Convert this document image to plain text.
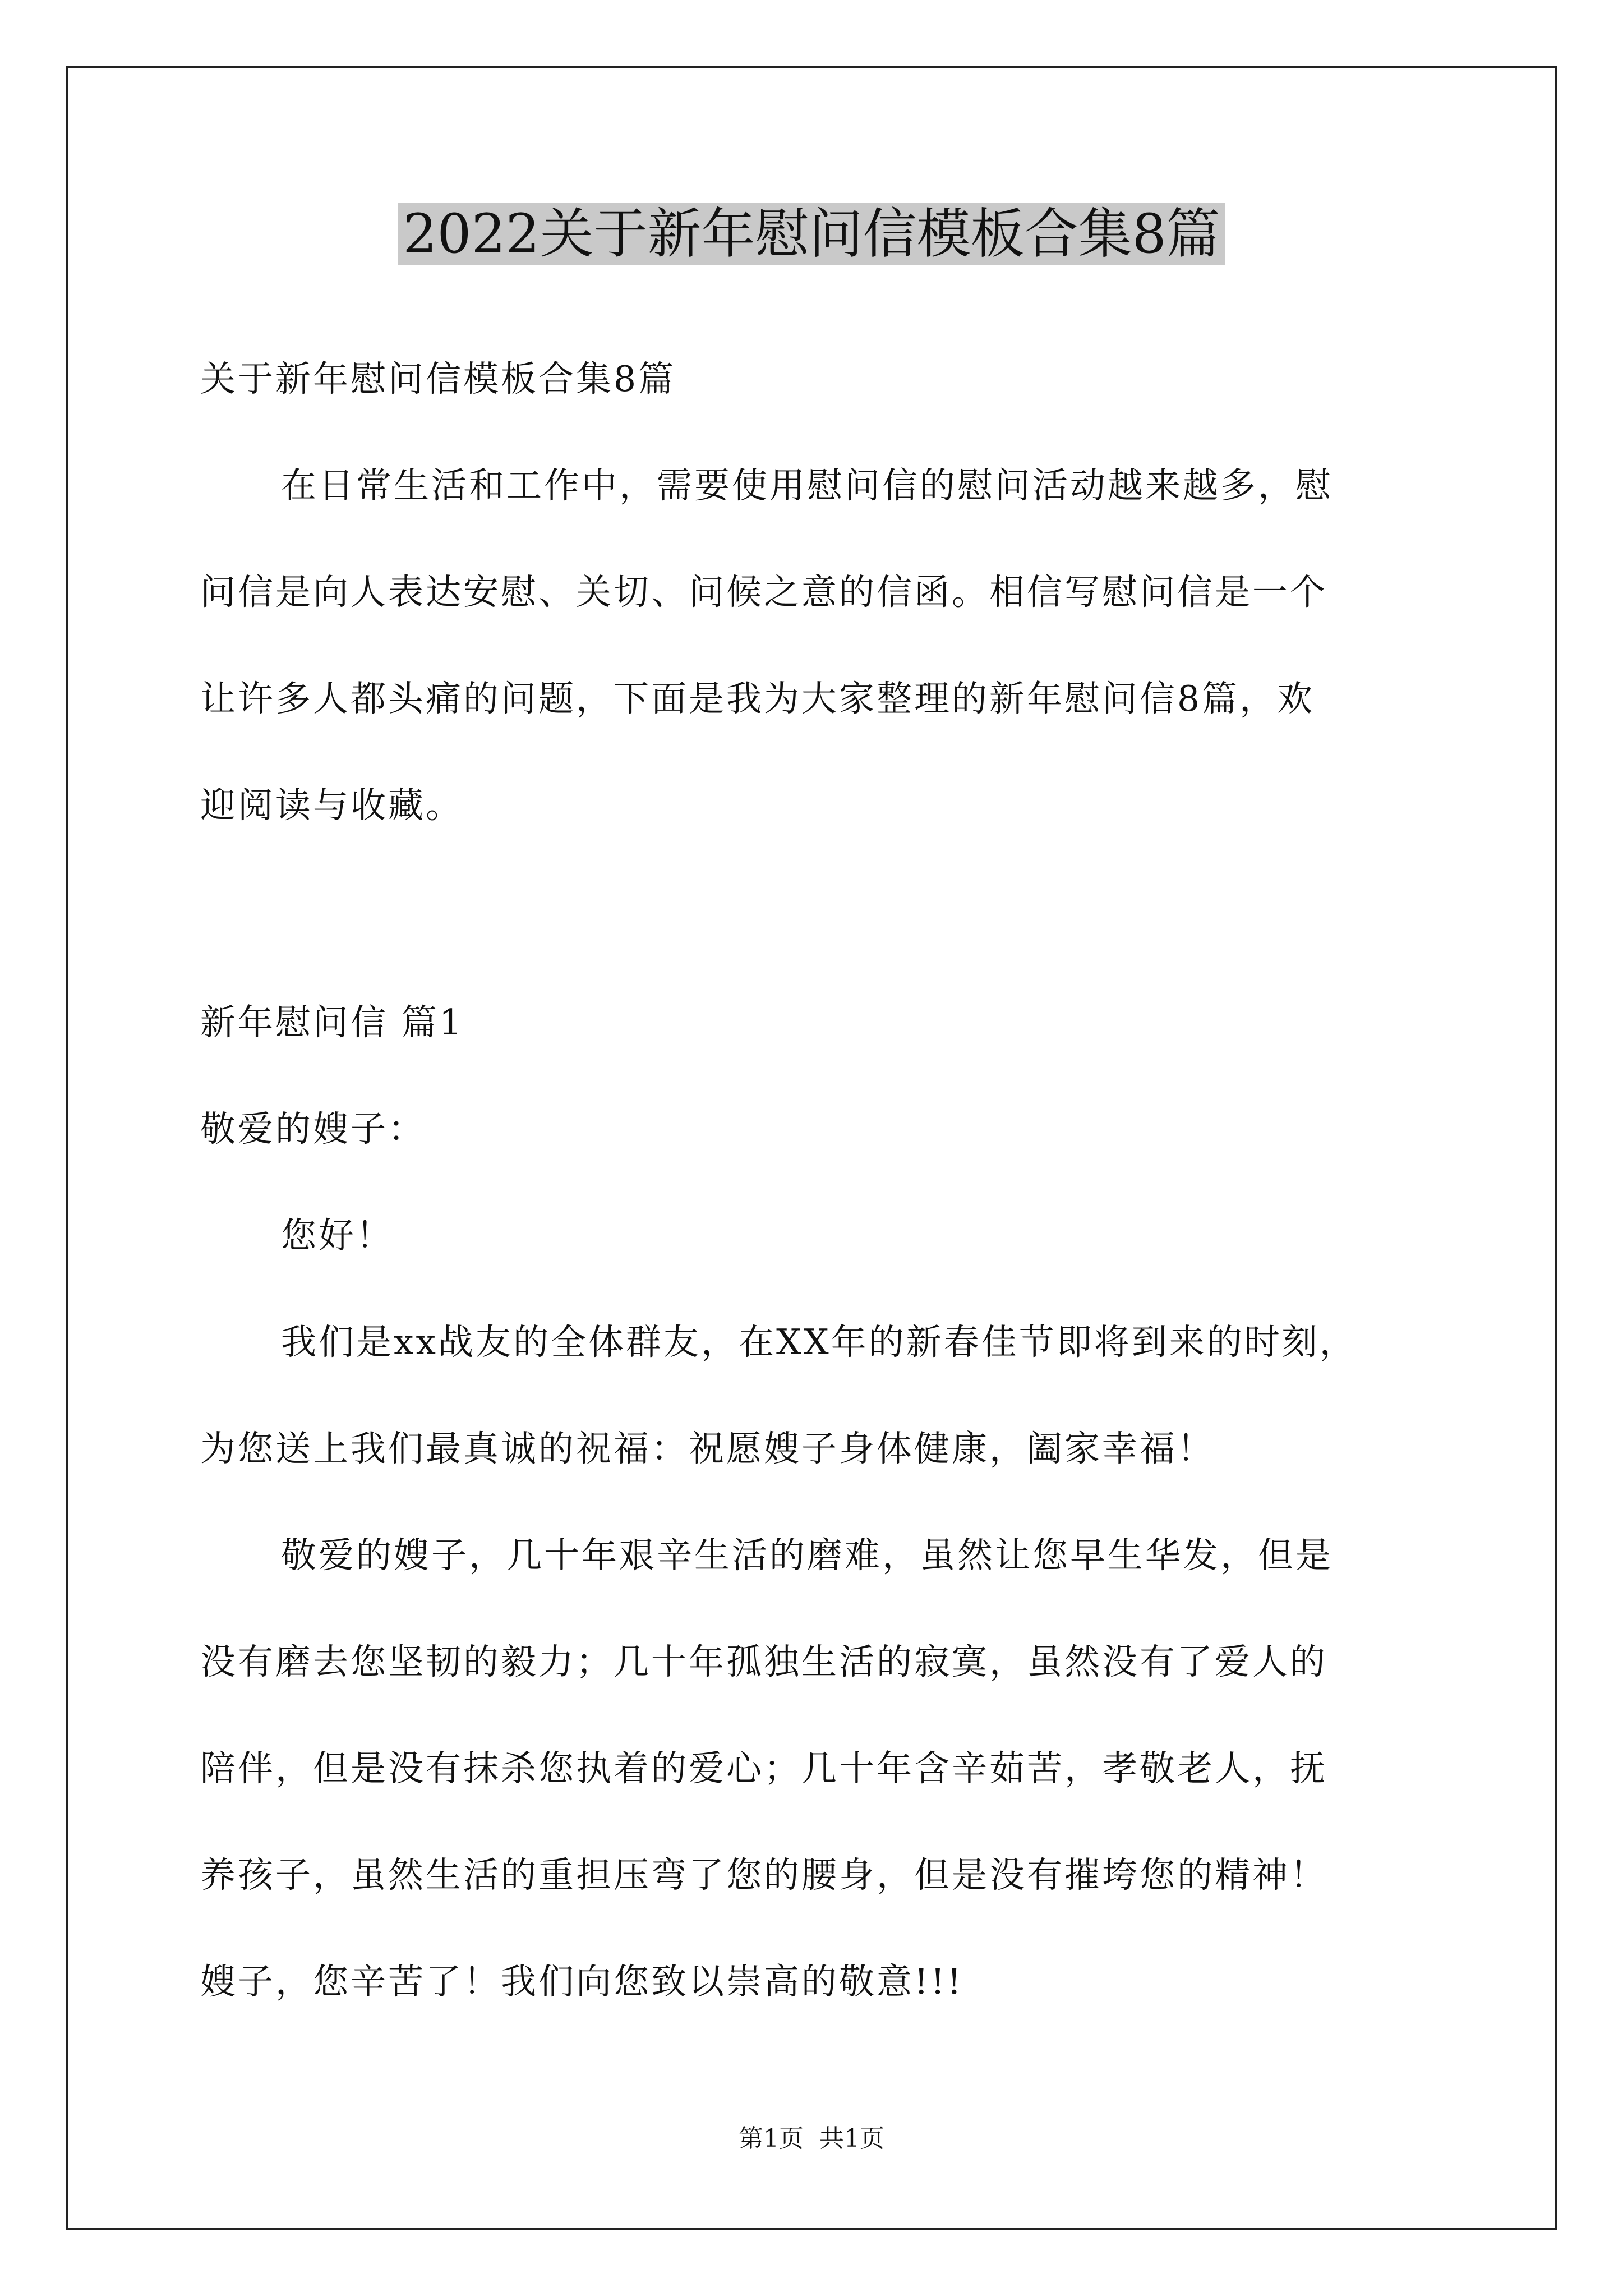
2022关于新年慰问信模板合集8篇
关于新年慰问信模板合集8篇
在日常生活和工作中，需要使用慰问信的慰问活动越来越多，慰
问信是向人表达安慰、关切、问候之意的信函。相信写慰问信是一个
让许多人都头痛的问题，下面是我为大家整理的新年慰问信8篇，欢
迎阅读与收藏。
新年慰问信 篇1
敬爱的嫂子：
您好！
我们是xx战友的全体群友，在XX年的新春佳节即将到来的时刻，
为您送上我们最真诚的祝福：祝愿嫂子身体健康，阖家幸福！
敬爱的嫂子，几十年艰辛生活的磨难，虽然让您早生华发，但是
没有磨去您坚韧的毅力；几十年孤独生活的寂寞，虽然没有了爱人的
陪伴，但是没有抹杀您执着的爱心；几十年含辛茹苦，孝敬老人，抚
养孩子，虽然生活的重担压弯了您的腰身，但是没有摧垮您的精神！
嫂子，您辛苦了！我们向您致以崇高的敬意!!!
第1页 共1页
